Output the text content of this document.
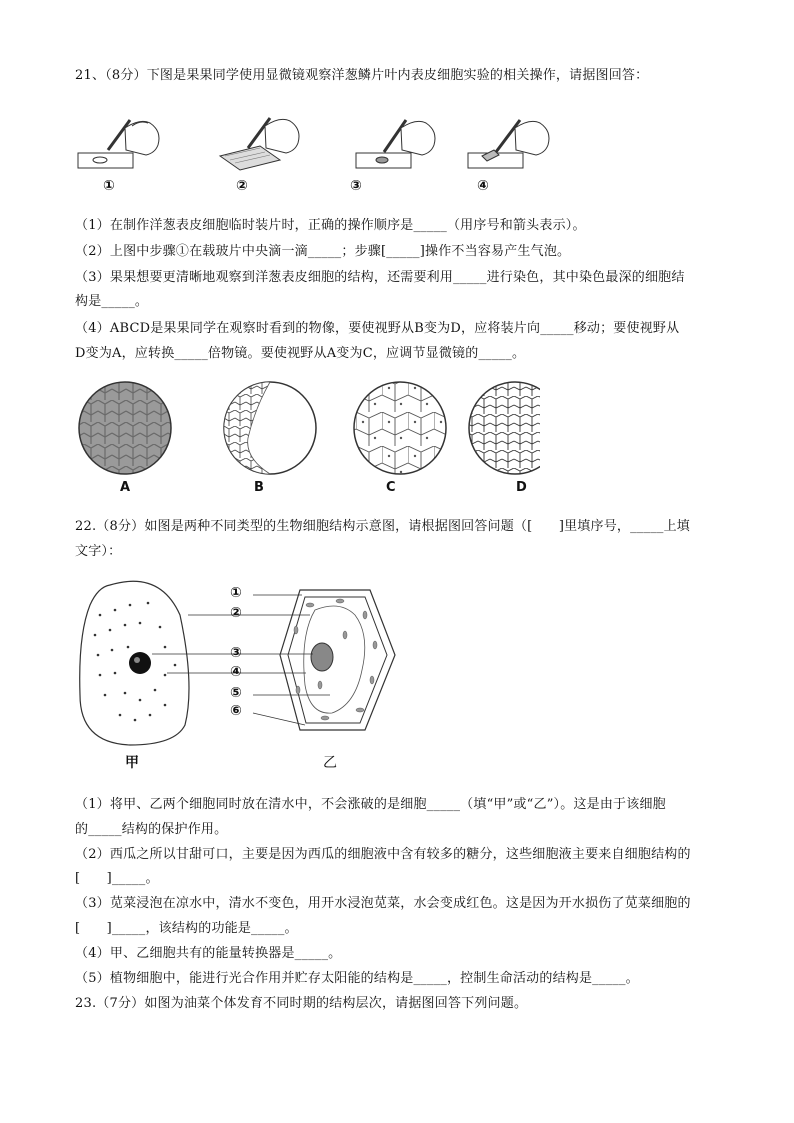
21、（8分）下图是果果同学使用显微镜观察洋葱鳞片叶内表皮细胞实验的相关操作，请据图回答：
①	②	③	④
（1）在制作洋葱表皮细胞临时装片时，正确的操作顺序是_____（用序号和箭头表示）。
（2）上图中步骤①在载玻片中央滴一滴_____；步骤[_____]操作不当容易产生气泡。
（3）果果想要更清晰地观察到洋葱表皮细胞的结构，还需要利用_____进行染色，其中染色最深的细胞结
构是_____。
（4）ABCD是果果同学在观察时看到的物像，要使视野从B变为D，应将装片向_____移动；要使视野从
D变为A，应转换_____倍物镜。要使视野从A变为C，应调节显微镜的_____。
A	B	C	D
22.（8分）如图是两种不同类型的生物细胞结构示意图，请根据图回答问题（[　　]里填序号，_____上填
文字）：
①
②
③
④
⑤
⑥
甲	乙
（1）将甲、乙两个细胞同时放在清水中，不会涨破的是细胞_____（填“甲”或“乙”）。这是由于该细胞
的_____结构的保护作用。
（2）西瓜之所以甘甜可口，主要是因为西瓜的细胞液中含有较多的糖分，这些细胞液主要来自细胞结构的
[　　]_____。
（3）苋菜浸泡在凉水中，清水不变色，用开水浸泡苋菜，水会变成红色。这是因为开水损伤了苋菜细胞的
[　　]_____，该结构的功能是_____。
（4）甲、乙细胞共有的能量转换器是_____。
（5）植物细胞中，能进行光合作用并贮存太阳能的结构是_____，控制生命活动的结构是_____。
23.（7分）如图为油菜个体发育不同时期的结构层次，请据图回答下列问题。
